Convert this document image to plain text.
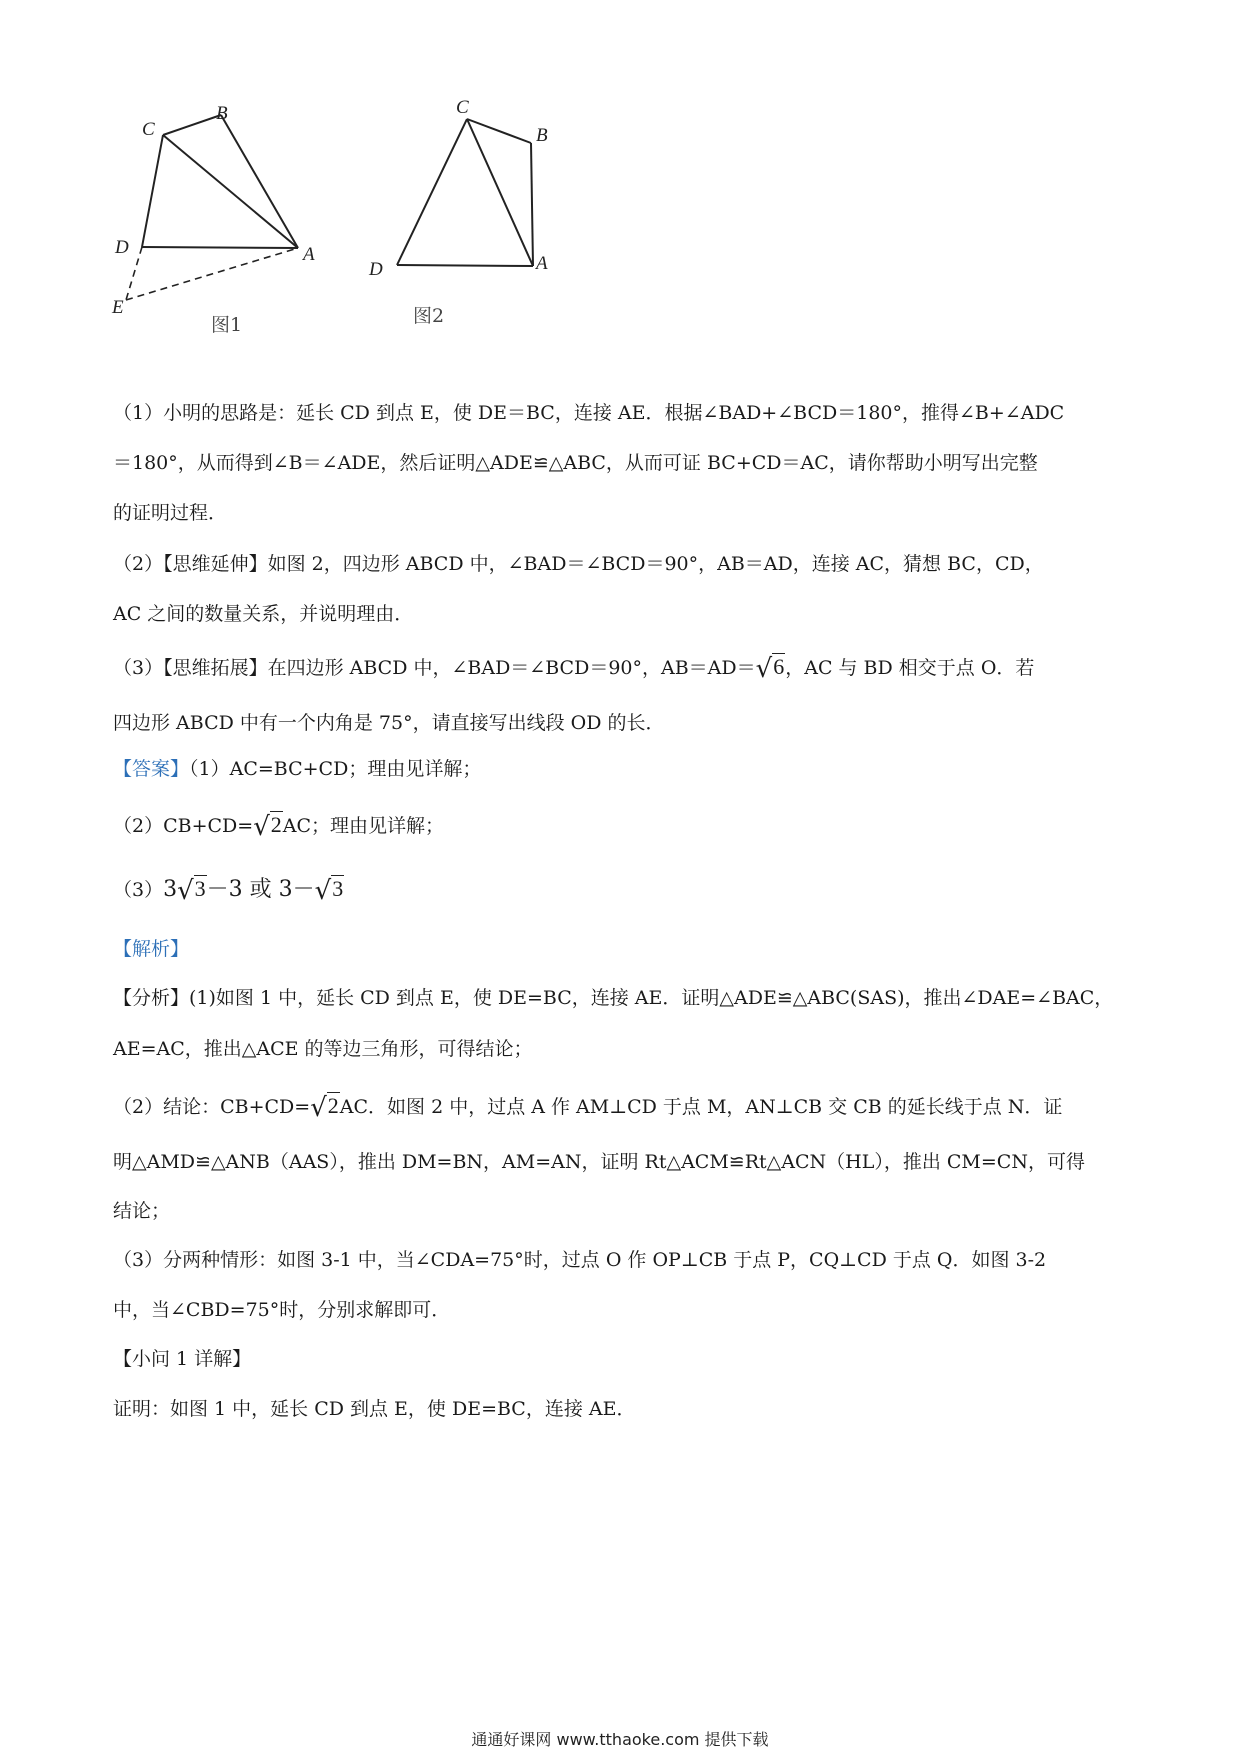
C
B
A
D
E
图1
C
B
A
D
图2
（1）小明的思路是：延长 CD 到点 E，使 DE＝BC，连接 AE．根据∠BAD+∠BCD＝180°，推得∠B+∠ADC
＝180°，从而得到∠B＝∠ADE，然后证明△ADE≌△ABC，从而可证 BC+CD＝AC，请你帮助小明写出完整
的证明过程．
（2）【思维延伸】如图 2，四边形 ABCD 中，∠BAD＝∠BCD＝90°，AB＝AD，连接 AC，猜想 BC，CD，
AC 之间的数量关系，并说明理由．
（3）【思维拓展】在四边形 ABCD 中，∠BAD＝∠BCD＝90°，AB＝AD＝√6，AC 与 BD 相交于点 O．若
四边形 ABCD 中有一个内角是 75°，请直接写出线段 OD 的长．
【答案】（1）AC=BC+CD；理由见详解；
（2）CB+CD=√2AC；理由见详解；
（3）3√3－3 或 3－√3
【解析】
【分析】(1)如图 1 中，延长 CD 到点 E，使 DE=BC，连接 AE．证明△ADE≌△ABC(SAS)，推出∠DAE=∠BAC，
AE=AC，推出△ACE 的等边三角形，可得结论；
（2）结论：CB+CD=√2AC．如图 2 中，过点 A 作 AM⊥CD 于点 M，AN⊥CB 交 CB 的延长线于点 N．证
明△AMD≌△ANB（AAS），推出 DM=BN，AM=AN，证明 Rt△ACM≌Rt△ACN（HL），推出 CM=CN，可得
结论；
（3）分两种情形：如图 3-1 中，当∠CDA=75°时，过点 O 作 OP⊥CB 于点 P，CQ⊥CD 于点 Q．如图 3-2
中，当∠CBD=75°时，分别求解即可．
【小问 1 详解】
证明：如图 1 中，延长 CD 到点 E，使 DE=BC，连接 AE．
通通好课网 www.tthaoke.com 提供下载
